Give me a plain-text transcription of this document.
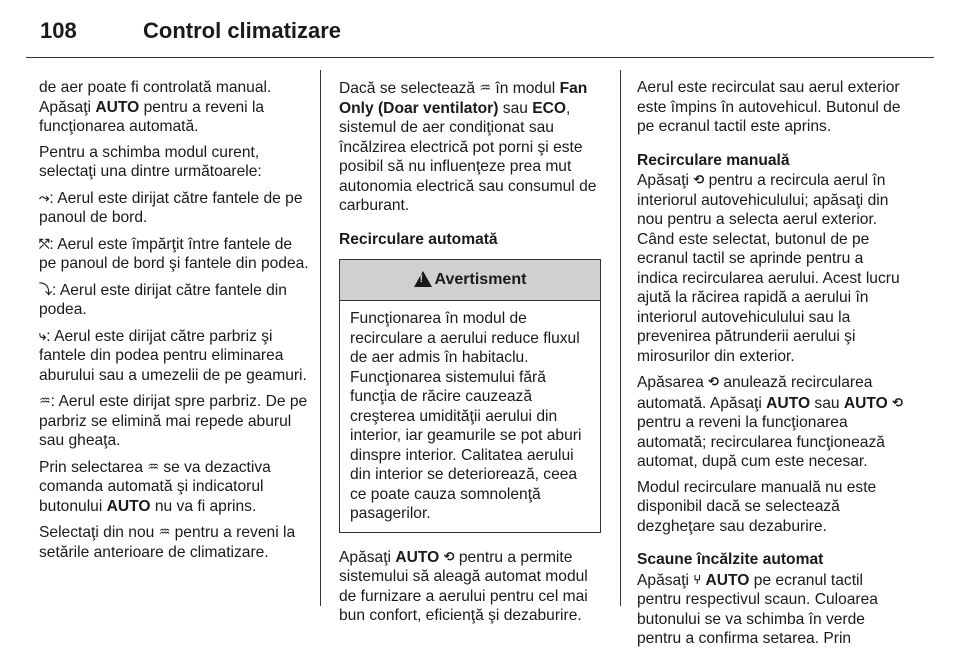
108	Control climatizare

de aer poate fi controlată manual. Apăsaţi AUTO pentru a reveni la funcţionarea automată.

Pentru a schimba modul curent, selectaţi una dintre următoarele:

⤳: Aerul este dirijat către fantele de pe panoul de bord.

⤲: Aerul este împărţit între fantele de pe panoul de bord şi fantele din podea.

⤵: Aerul este dirijat către fantele din podea.

⤷: Aerul este dirijat către parbriz şi fantele din podea pentru eliminarea aburului sau a umezelii de pe geamuri.

♒: Aerul este dirijat spre parbriz. De pe parbriz se elimină mai repede aburul sau gheaţa.

Prin selectarea ♒ se va dezactiva comanda automată şi indicatorul butonului AUTO nu va fi aprins.

Selectaţi din nou ♒ pentru a reveni la setările anterioare de climatizare.

Dacă se selectează ♒ în modul Fan Only (Doar ventilator) sau ECO, sistemul de aer condiţionat sau încălzirea electrică pot porni şi este posibil să nu influenţeze prea mut autonomia electrică sau consumul de carburant.

Recirculare automată

!Avertisment
Funcţionarea în modul de recirculare a aerului reduce fluxul de aer admis în habitaclu.
Funcţionarea sistemului fără funcţia de răcire cauzează creşterea umidităţii aerului din interior, iar geamurile se pot aburi dinspre interior. Calitatea aerului din interior se deteriorează, ceea ce poate cauza somnolenţă pasagerilor.

Apăsaţi AUTO ⟲ pentru a permite sistemului să aleagă automat modul de furnizare a aerului pentru cel mai bun confort, eficienţă şi dezaburire.

Aerul este recirculat sau aerul exterior este împins în autovehicul. Butonul de pe ecranul tactil este aprins.

Recirculare manuală

Apăsaţi ⟲ pentru a recircula aerul în interiorul autovehiculului; apăsaţi din nou pentru a selecta aerul exterior. Când este selectat, butonul de pe ecranul tactil se aprinde pentru a indica recircularea aerului. Acest lucru ajută la răcirea rapidă a aerului în interiorul autovehiculului sau la prevenirea pătrunderii aerului şi mirosurilor din exterior.

Apăsarea ⟲ anulează recircularea automată. Apăsaţi AUTO sau AUTO ⟲ pentru a reveni la funcţionarea automată; recircularea funcţionează automat, după cum este necesar.

Modul recirculare manuală nu este disponibil dacă se selectează dezgheţare sau dezaburire.

Scaune încălzite automat

Apăsaţi ⑂ AUTO pe ecranul tactil pentru respectivul scaun. Culoarea butonului se va schimba în verde pentru a confirma setarea. Prin
